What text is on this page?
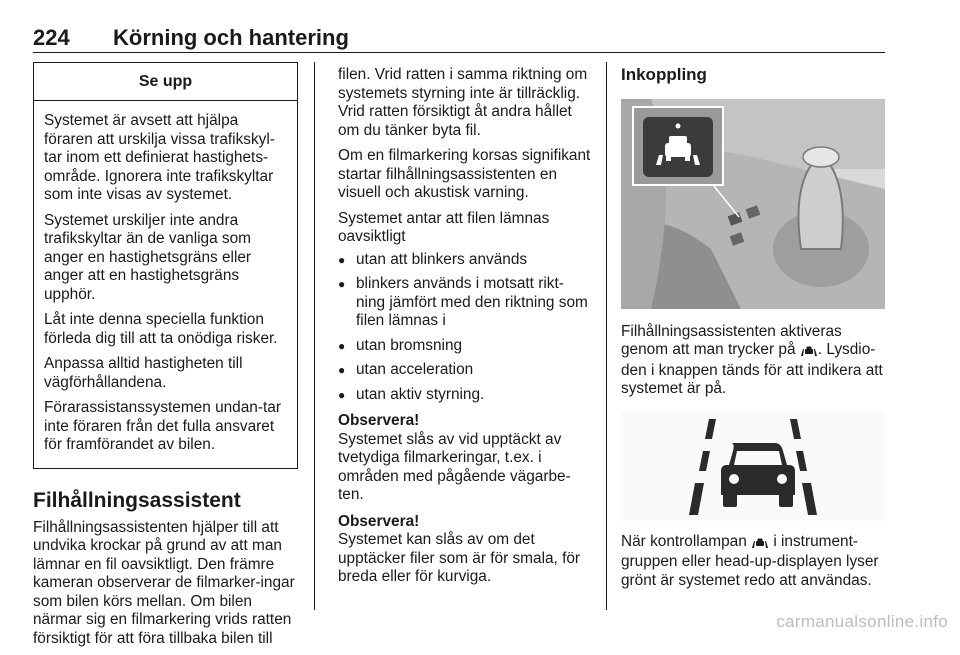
224 Körning och hantering
Se upp

Systemet är avsett att hjälpa föraren att urskilja vissa trafikskyl-tar inom ett definierat hastighets-område. Ignorera inte trafikskyltar som inte visas av systemet.

Systemet urskiljer inte andra trafikskyltar än de vanliga som anger en hastighetsgräns eller anger att en hastighetsgräns upphör.

Låt inte denna speciella funktion förleda dig till att ta onödiga risker.

Anpassa alltid hastigheten till vägförhållandena.

Förarassistanssystemen undan-tar inte föraren från det fulla ansvaret för framförandet av bilen.

Filhållningsassistent

Filhållningsassistenten hjälper till att undvika krockar på grund av att man lämnar en fil oavsiktligt. Den främre kameran observerar de filmarker-ingar som bilen körs mellan. Om bilen närmar sig en filmarkering vrids ratten försiktigt för att föra tillbaka bilen till

filen. Vrid ratten i samma riktning om systemets styrning inte är tillräcklig. Vrid ratten försiktigt åt andra hållet om du tänker byta fil.

Om en filmarkering korsas signifikant startar filhållningsassistenten en visuell och akustisk varning.

Systemet antar att filen lämnas oavsiktligt

● utan att blinkers används
● blinkers används i motsatt rikt-ning jämfört med den riktning som filen lämnas i
● utan bromsning
● utan acceleration
● utan aktiv styrning.
Observera!
Systemet slås av vid upptäckt av tvetydiga filmarkeringar, t.ex. i områden med pågående vägarbe-ten.
Observera!
Systemet kan slås av om det upptäcker filer som är för smala, för breda eller för kurviga.
Inkoppling

Filhållningsassistenten aktiveras genom att man trycker på . Lysdio-den i knappen tänds för att indikera att systemet är på.

När kontrollampan i instrument-gruppen eller head-up-displayen lyser grönt är systemet redo att användas.

carmanualsonline.info
